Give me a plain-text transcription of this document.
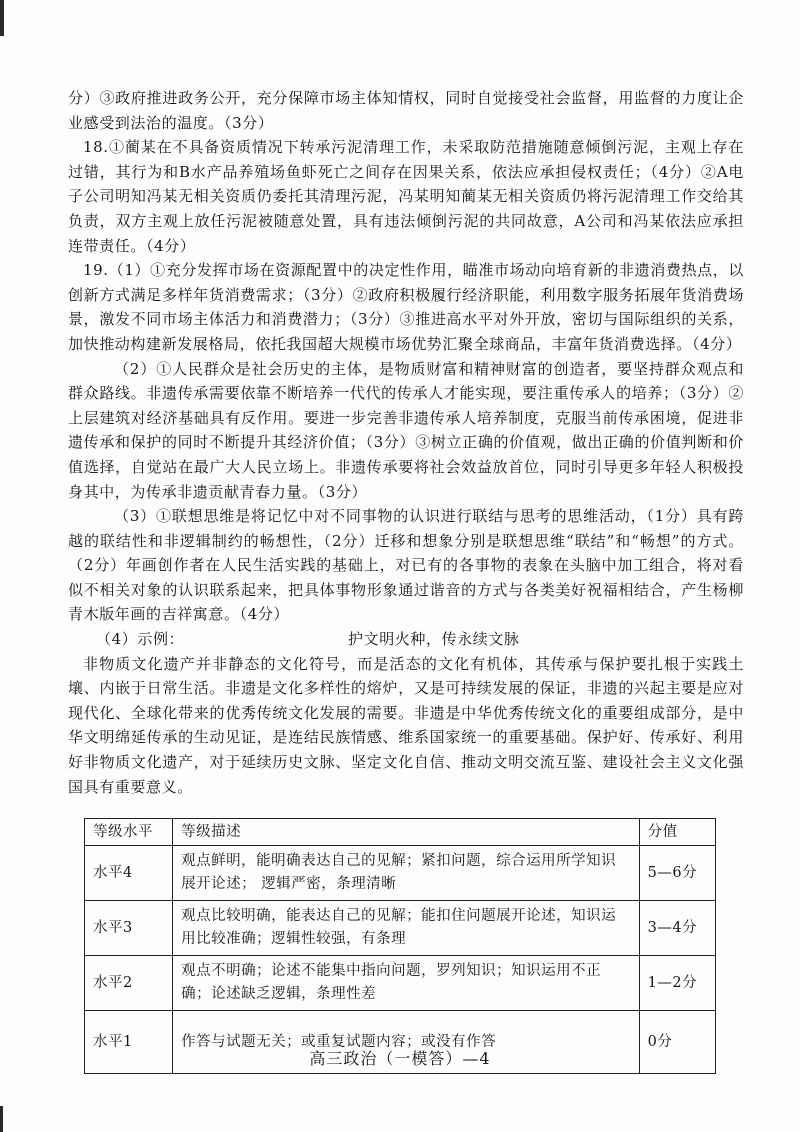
分）③政府推进政务公开，充分保障市场主体知情权，同时自觉接受社会监督，用监督的力度让企业感受到法治的温度。（3分）

18.①蔺某在不具备资质情况下转承污泥清理工作，未采取防范措施随意倾倒污泥，主观上存在过错，其行为和B水产品养殖场鱼虾死亡之间存在因果关系，依法应承担侵权责任；（4分）②A电子公司明知冯某无相关资质仍委托其清理污泥，冯某明知蔺某无相关资质仍将污泥清理工作交给其负责，双方主观上放任污泥被随意处置，具有违法倾倒污泥的共同故意，A公司和冯某依法应承担连带责任。（4分）

19.（1）①充分发挥市场在资源配置中的决定性作用，瞄准市场动向培育新的非遗消费热点，以创新方式满足多样年货消费需求；（3分）②政府积极履行经济职能，利用数字服务拓展年货消费场景，激发不同市场主体活力和消费潜力；（3分）③推进高水平对外开放，密切与国际组织的关系，加快推动构建新发展格局，依托我国超大规模市场优势汇聚全球商品，丰富年货消费选择。（4分）

（2）①人民群众是社会历史的主体，是物质财富和精神财富的创造者，要坚持群众观点和群众路线。非遗传承需要依靠不断培养一代代的传承人才能实现，要注重传承人的培养；（3分）②上层建筑对经济基础具有反作用。要进一步完善非遗传承人培养制度，克服当前传承困境，促进非遗传承和保护的同时不断提升其经济价值；（3分）③树立正确的价值观，做出正确的价值判断和价值选择，自觉站在最广大人民立场上。非遗传承要将社会效益放首位，同时引导更多年轻人积极投身其中，为传承非遗贡献青春力量。（3分）

（3）①联想思维是将记忆中对不同事物的认识进行联结与思考的思维活动，（1分）具有跨越的联结性和非逻辑制约的畅想性，（2分）迁移和想象分别是联想思维“联结”和“畅想”的方式。（2分）年画创作者在人民生活实践的基础上，对已有的各事物的表象在头脑中加工组合，将对看似不相关对象的认识联系起来，把具体事物形象通过谐音的方式与各类美好祝福相结合，产生杨柳青木版年画的吉祥寓意。（4分）

（4）示例：	护文明火种，传永续文脉

非物质文化遗产并非静态的文化符号，而是活态的文化有机体，其传承与保护要扎根于实践土壤、内嵌于日常生活。非遗是文化多样性的熔炉，又是可持续发展的保证，非遗的兴起主要是应对现代化、全球化带来的优秀传统文化发展的需要。非遗是中华优秀传统文化的重要组成部分，是中华文明绵延传承的生动见证，是连结民族情感、维系国家统一的重要基础。保护好、传承好、利用好非物质文化遗产，对于延续历史文脉、坚定文化自信、推动文明交流互鉴、建设社会主义文化强国具有重要意义。

等级水平	等级描述	分值
水平4	观点鲜明，能明确表达自己的见解；紧扣问题，综合运用所学知识展开论述； 逻辑严密，条理清晰	5—6分
水平3	观点比较明确，能表达自己的见解；能扣住问题展开论述，知识运用比较准确；逻辑性较强，有条理	3—4分
水平2	观点不明确；论述不能集中指向问题，罗列知识；知识运用不正确；论述缺乏逻辑，条理性差	1—2分
水平1	作答与试题无关；或重复试题内容；或没有作答	0分
高三政治（一模答）—4
